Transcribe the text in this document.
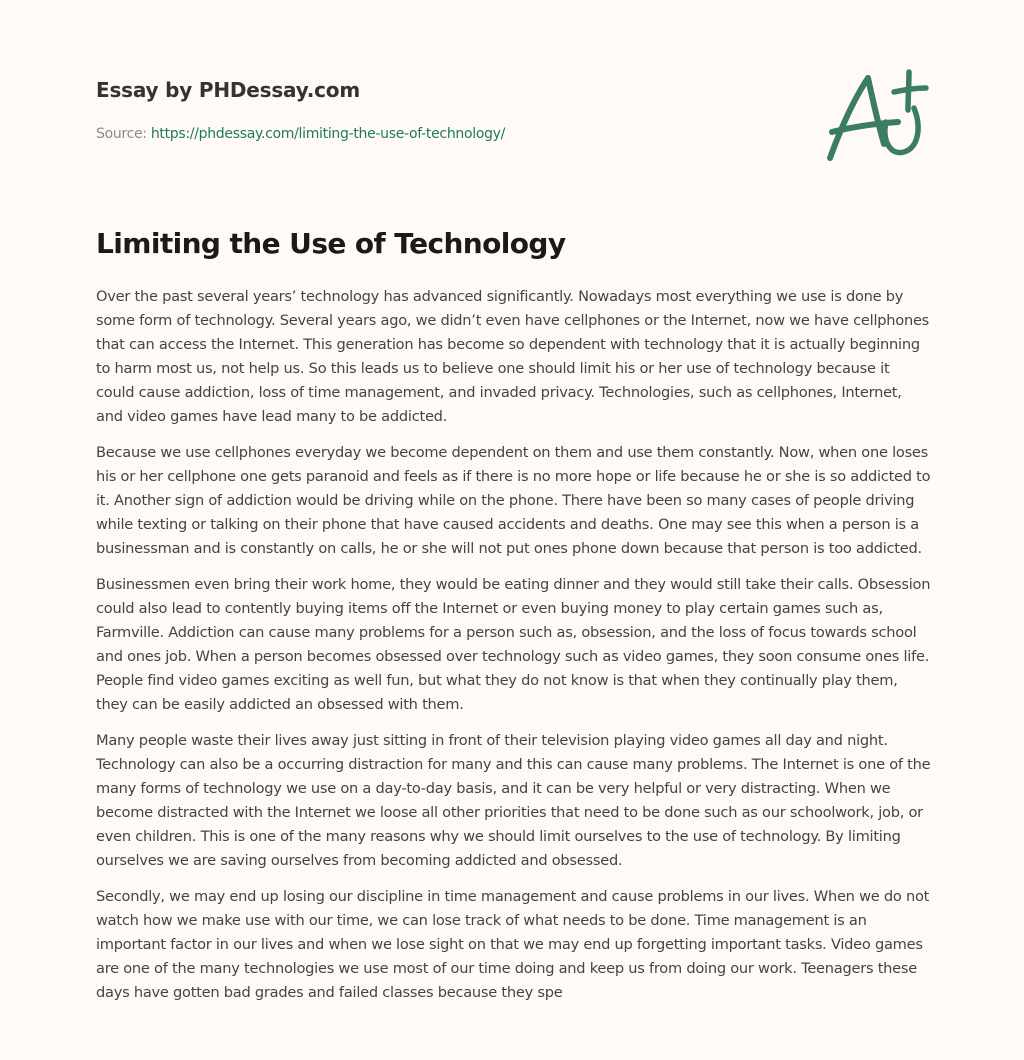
Essay by PHDessay.com
Source: https://phdessay.com/limiting-the-use-of-technology/
Limiting the Use of Technology

Over the past several years’ technology has advanced significantly. Nowadays most everything we use is done by some form of technology. Several years ago, we didn’t even have cellphones or the Internet, now we have cellphones that can access the Internet. This generation has become so dependent with technology that it is actually beginning to harm most us, not help us. So this leads us to believe one should limit his or her use of technology because it could cause addiction, loss of time management, and invaded privacy. Technologies, such as cellphones, Internet, and video games have lead many to be addicted.

Because we use cellphones everyday we become dependent on them and use them constantly. Now, when one loses his or her cellphone one gets paranoid and feels as if there is no more hope or life because he or she is so addicted to it. Another sign of addiction would be driving while on the phone. There have been so many cases of people driving while texting or talking on their phone that have caused accidents and deaths. One may see this when a person is a businessman and is constantly on calls, he or she will not put ones phone down because that person is too addicted.

Businessmen even bring their work home, they would be eating dinner and they would still take their calls. Obsession could also lead to contently buying items off the Internet or even buying money to play certain games such as, Farmville. Addiction can cause many problems for a person such as, obsession, and the loss of focus towards school and ones job. When a person becomes obsessed over technology such as video games, they soon consume ones life. People find video games exciting as well fun, but what they do not know is that when they continually play them, they can be easily addicted an obsessed with them.

Many people waste their lives away just sitting in front of their television playing video games all day and night. Technology can also be a occurring distraction for many and this can cause many problems. The Internet is one of the many forms of technology we use on a day-to-day basis, and it can be very helpful or very distracting. When we become distracted with the Internet we loose all other priorities that need to be done such as our schoolwork, job, or even children. This is one of the many reasons why we should limit ourselves to the use of technology. By limiting ourselves we are saving ourselves from becoming addicted and obsessed.

Secondly, we may end up losing our discipline in time management and cause problems in our lives. When we do not watch how we make use with our time, we can lose track of what needs to be done. Time management is an important factor in our lives and when we lose sight on that we may end up forgetting important tasks. Video games are one of the many technologies we use most of our time doing and keep us from doing our work. Teenagers these days have gotten bad grades and failed classes because they spe
